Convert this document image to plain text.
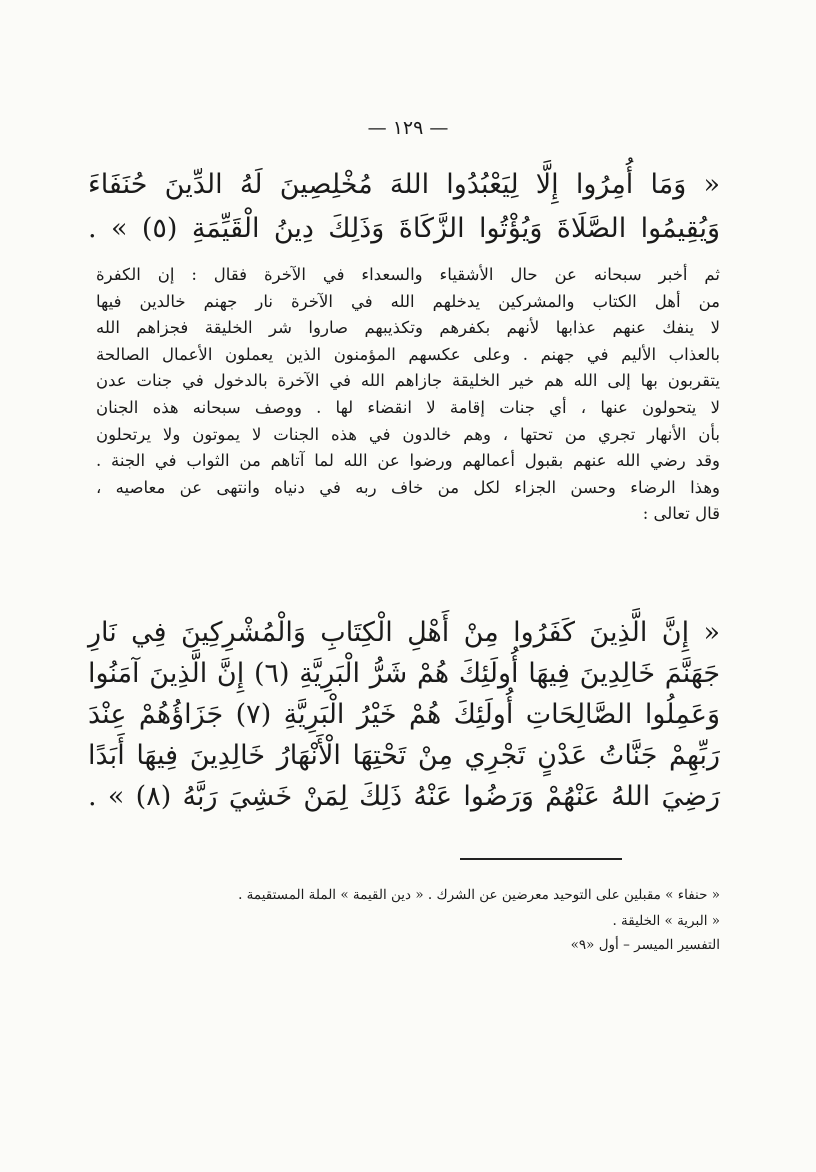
— ١٢٩ —
« وَمَا أُمِرُوا إِلَّا لِيَعْبُدُوا اللهَ مُخْلِصِينَ لَهُ الدِّينَ حُنَفَاءَ
وَيُقِيمُوا الصَّلَاةَ وَيُؤْتُوا الزَّكَاةَ وَذَلِكَ دِينُ الْقَيِّمَةِ (٥) » .
ثم أخبر سبحانه عن حال الأشقياء والسعداء في الآخرة فقال : إن الكفرة
من أهل الكتاب والمشركين يدخلهم الله في الآخرة نار جهنم خالدين فيها
لا ينفك عنهم عذابها لأنهم بكفرهم وتكذيبهم صاروا شر الخليقة فجزاهم الله
بالعذاب الأليم في جهنم . وعلى عكسهم المؤمنون الذين يعملون الأعمال الصالحة
يتقربون بها إلى الله هم خير الخليقة جازاهم الله في الآخرة بالدخول في جنات عدن
لا يتحولون عنها ، أي جنات إقامة لا انقضاء لها . ووصف سبحانه هذه الجنان
بأن الأنهار تجري من تحتها ، وهم خالدون في هذه الجنات لا يموتون ولا يرتحلون
وقد رضي الله عنهم بقبول أعمالهم ورضوا عن الله لما آتاهم من الثواب في الجنة .
وهذا الرضاء وحسن الجزاء لكل من خاف ربه في دنياه وانتهى عن معاصيه ،
قال تعالى :
« إِنَّ الَّذِينَ كَفَرُوا مِنْ أَهْلِ الْكِتَابِ وَالْمُشْرِكِينَ فِي نَارِ
جَهَنَّمَ خَالِدِينَ فِيهَا أُولَئِكَ هُمْ شَرُّ الْبَرِيَّةِ (٦) إِنَّ الَّذِينَ آمَنُوا
وَعَمِلُوا الصَّالِحَاتِ أُولَئِكَ هُمْ خَيْرُ الْبَرِيَّةِ (٧) جَزَاؤُهُمْ عِنْدَ
رَبِّهِمْ جَنَّاتُ عَدْنٍ تَجْرِي مِنْ تَحْتِهَا الْأَنْهَارُ خَالِدِينَ فِيهَا أَبَدًا
رَضِيَ اللهُ عَنْهُمْ وَرَضُوا عَنْهُ ذَلِكَ لِمَنْ خَشِيَ رَبَّهُ (٨) » .
« حنفاء » مقبلين على التوحيد معرضين عن الشرك . « دين القيمة » الملة المستقيمة .
« البرية » الخليقة .
التفسير الميسر – أول «٩»
